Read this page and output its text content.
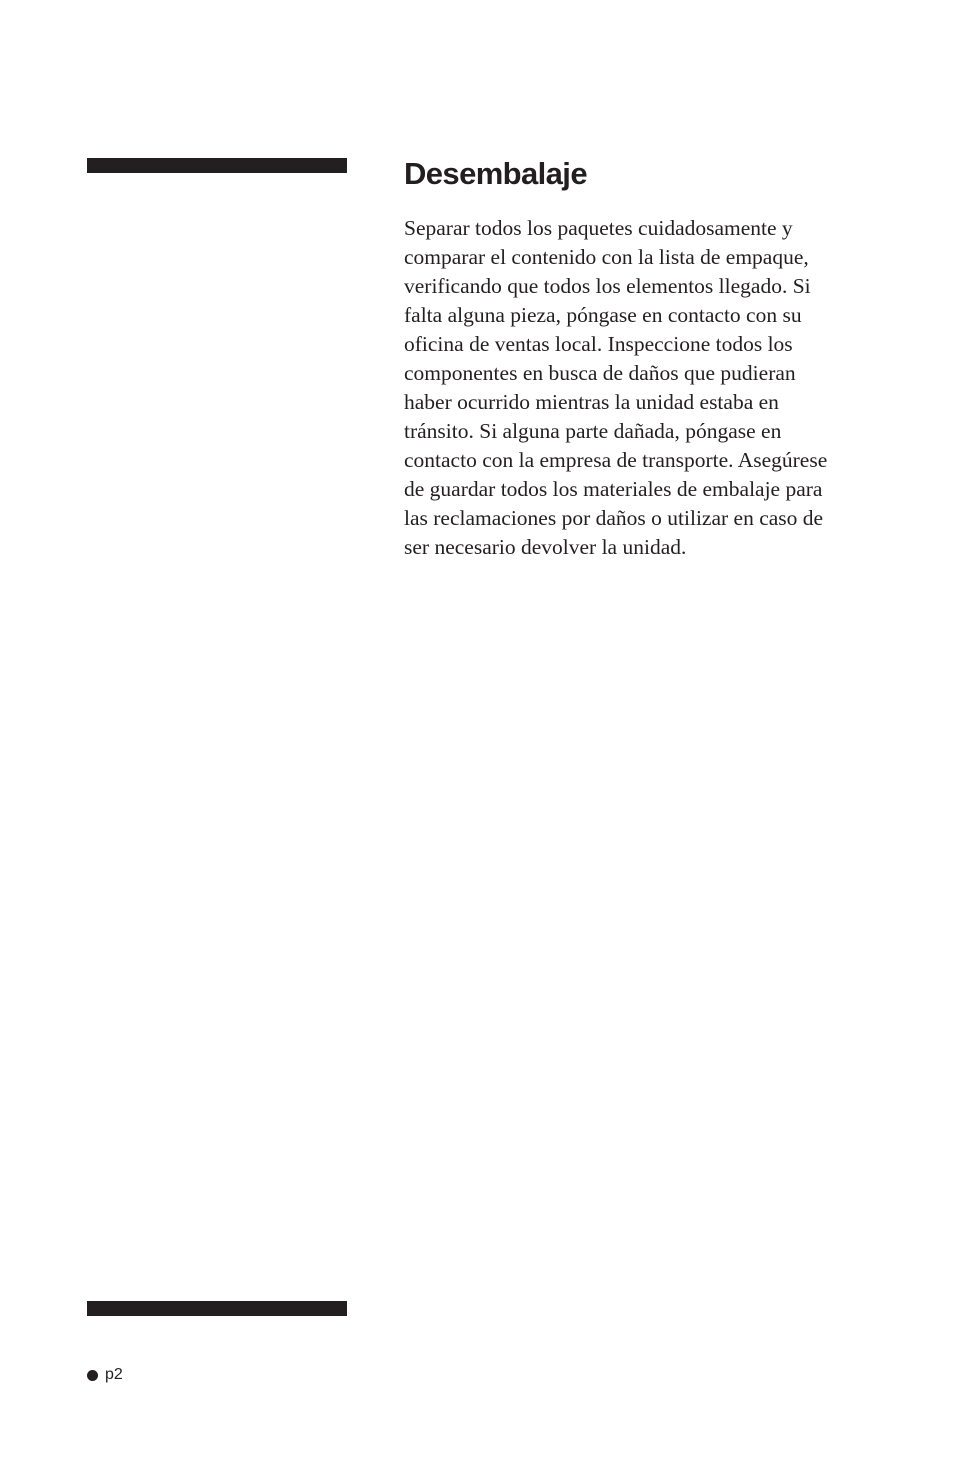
Desembalaje

Separar todos los paquetes cuidadosamente y
comparar el contenido con la lista de empaque,
verificando que todos los elementos llegado. Si
falta alguna pieza, póngase en contacto con su
oficina de ventas local. Inspeccione todos los
componentes en busca de daños que pudieran
haber ocurrido mientras la unidad estaba en
tránsito. Si alguna parte dañada, póngase en
contacto con la empresa de transporte. Asegúrese
de guardar todos los materiales de embalaje para
las reclamaciones por daños o utilizar en caso de
ser necesario devolver la unidad.

p2
